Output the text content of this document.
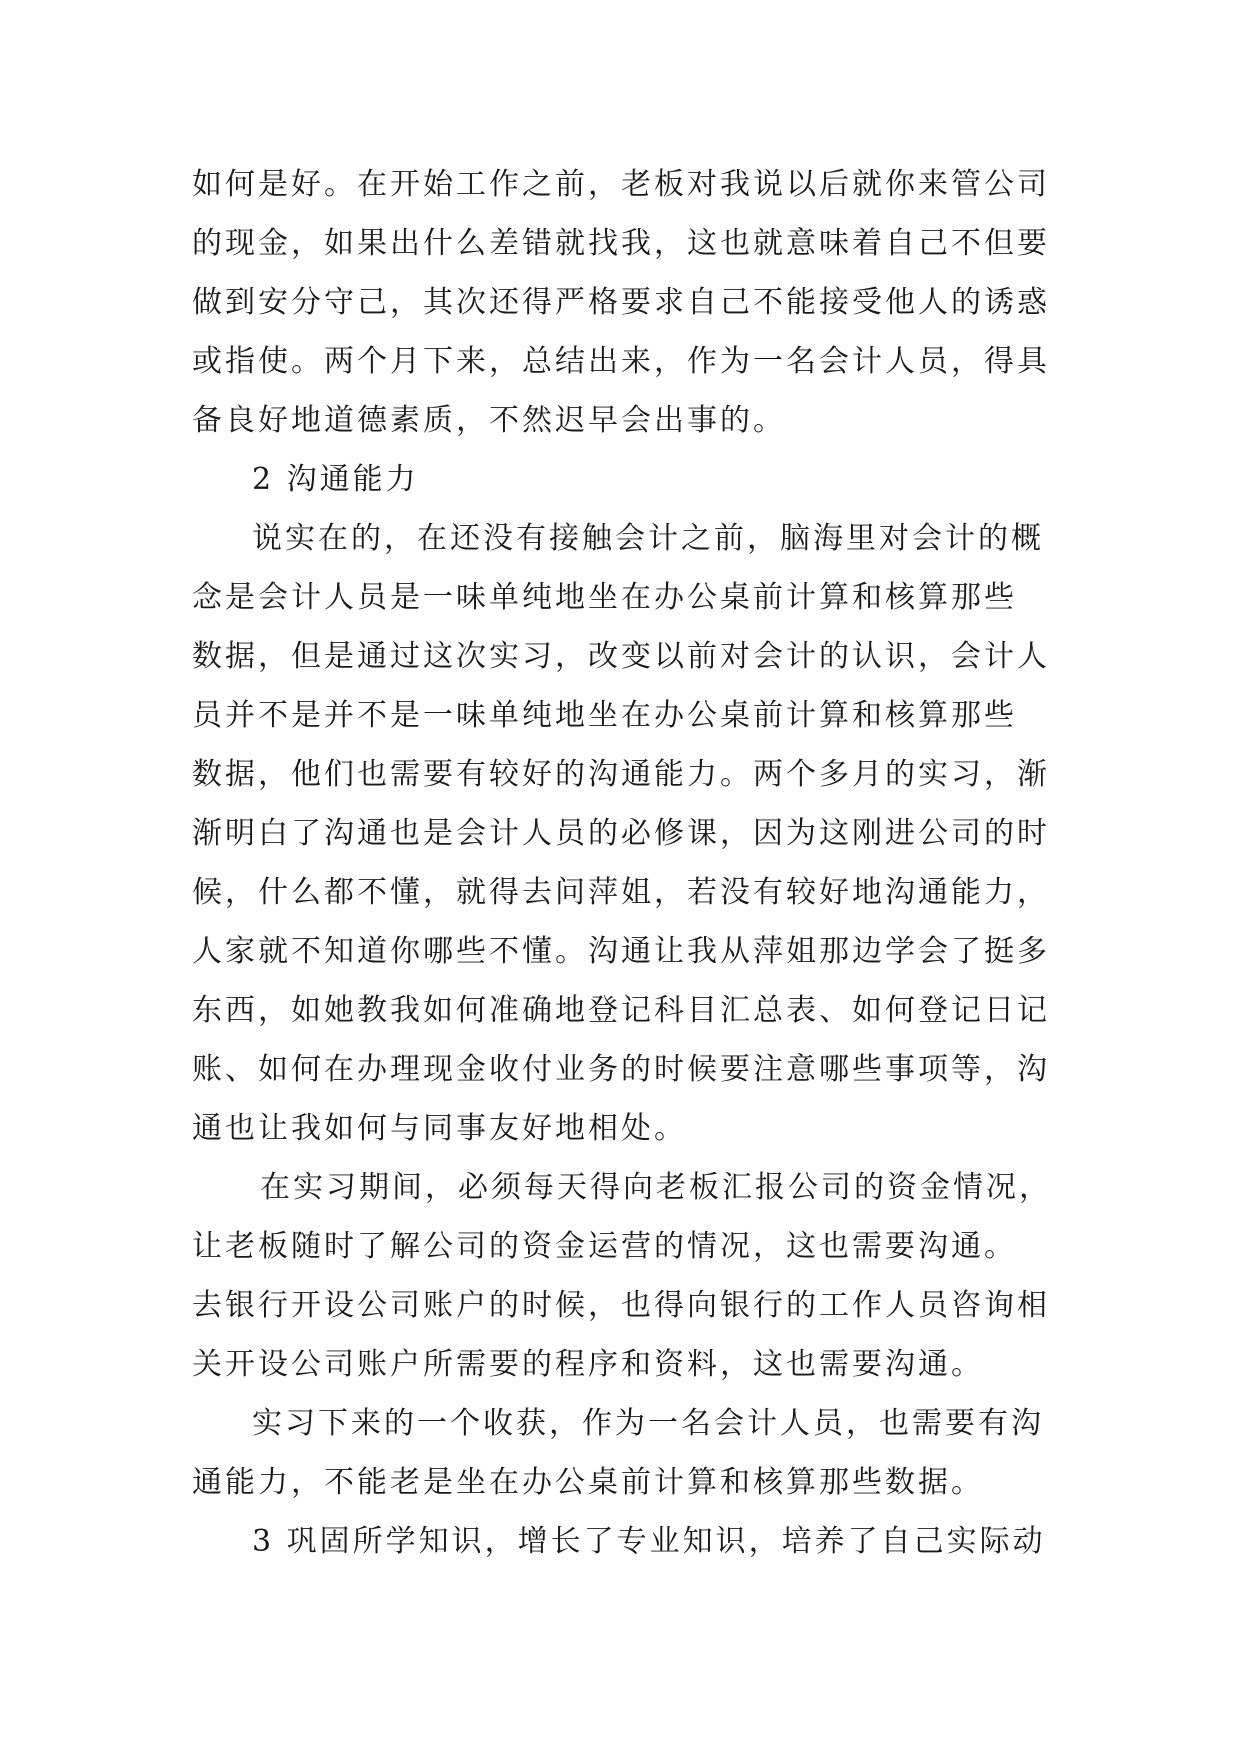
如何是好。在开始工作之前，老板对我说以后就你来管公司
的现金，如果出什么差错就找我，这也就意味着自己不但要
做到安分守己，其次还得严格要求自己不能接受他人的诱惑
或指使。两个月下来，总结出来，作为一名会计人员，得具
备良好地道德素质，不然迟早会出事的。
2 沟通能力
说实在的，在还没有接触会计之前，脑海里对会计的概
念是会计人员是一味单纯地坐在办公桌前计算和核算那些
数据，但是通过这次实习，改变以前对会计的认识，会计人
员并不是并不是一味单纯地坐在办公桌前计算和核算那些
数据，他们也需要有较好的沟通能力。两个多月的实习，渐
渐明白了沟通也是会计人员的必修课，因为这刚进公司的时
候，什么都不懂，就得去问萍姐，若没有较好地沟通能力，
人家就不知道你哪些不懂。沟通让我从萍姐那边学会了挺多
东西，如她教我如何准确地登记科目汇总表、如何登记日记
账、如何在办理现金收付业务的时候要注意哪些事项等，沟
通也让我如何与同事友好地相处。
在实习期间，必须每天得向老板汇报公司的资金情况，
让老板随时了解公司的资金运营的情况，这也需要沟通。
去银行开设公司账户的时候，也得向银行的工作人员咨询相
关开设公司账户所需要的程序和资料，这也需要沟通。
实习下来的一个收获，作为一名会计人员，也需要有沟
通能力，不能老是坐在办公桌前计算和核算那些数据。
3 巩固所学知识，增长了专业知识，培养了自己实际动
